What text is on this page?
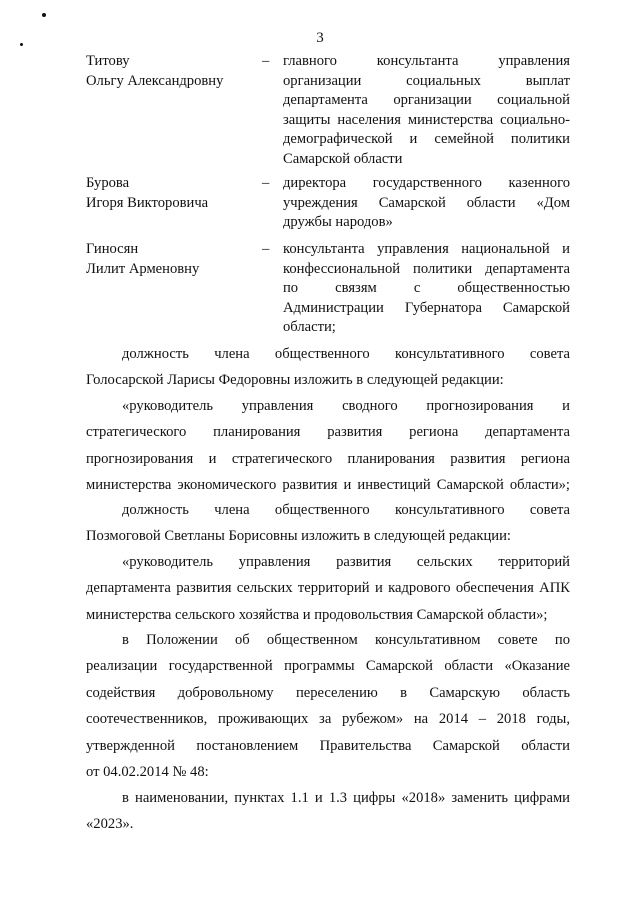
3
Титову
Ольгу Александровну
– главного консультанта управления
организации социальных выплат
департамента организации социальной
защиты населения министерства социально-
демографической и семейной политики
Самарской области
Бурова
Игоря Викторовича
– директора государственного казенного
учреждения Самарской области «Дом
дружбы народов»
Гиносян
Лилит Арменовну
– консультанта управления национальной и
конфессиональной политики департамента
по связям с общественностью
Администрации Губернатора Самарской
области;
должность члена общественного консультативного совета
Голосарской Ларисы Федоровны изложить в следующей редакции:
«руководитель управления сводного прогнозирования и
стратегического планирования развития региона департамента
прогнозирования и стратегического планирования развития региона
министерства экономического развития и инвестиций Самарской области»;
должность члена общественного консультативного совета
Позмоговой Светланы Борисовны изложить в следующей редакции:
«руководитель управления развития сельских территорий
департамента развития сельских территорий и кадрового обеспечения АПК
министерства сельского хозяйства и продовольствия Самарской области»;
в Положении об общественном консультативном совете по
реализации государственной программы Самарской области «Оказание
содействия добровольному переселению в Самарскую область
соотечественников, проживающих за рубежом» на 2014 – 2018 годы,
утвержденной постановлением Правительства Самарской области
от 04.02.2014 № 48:
в наименовании, пунктах 1.1 и 1.3 цифры «2018» заменить цифрами
«2023».
